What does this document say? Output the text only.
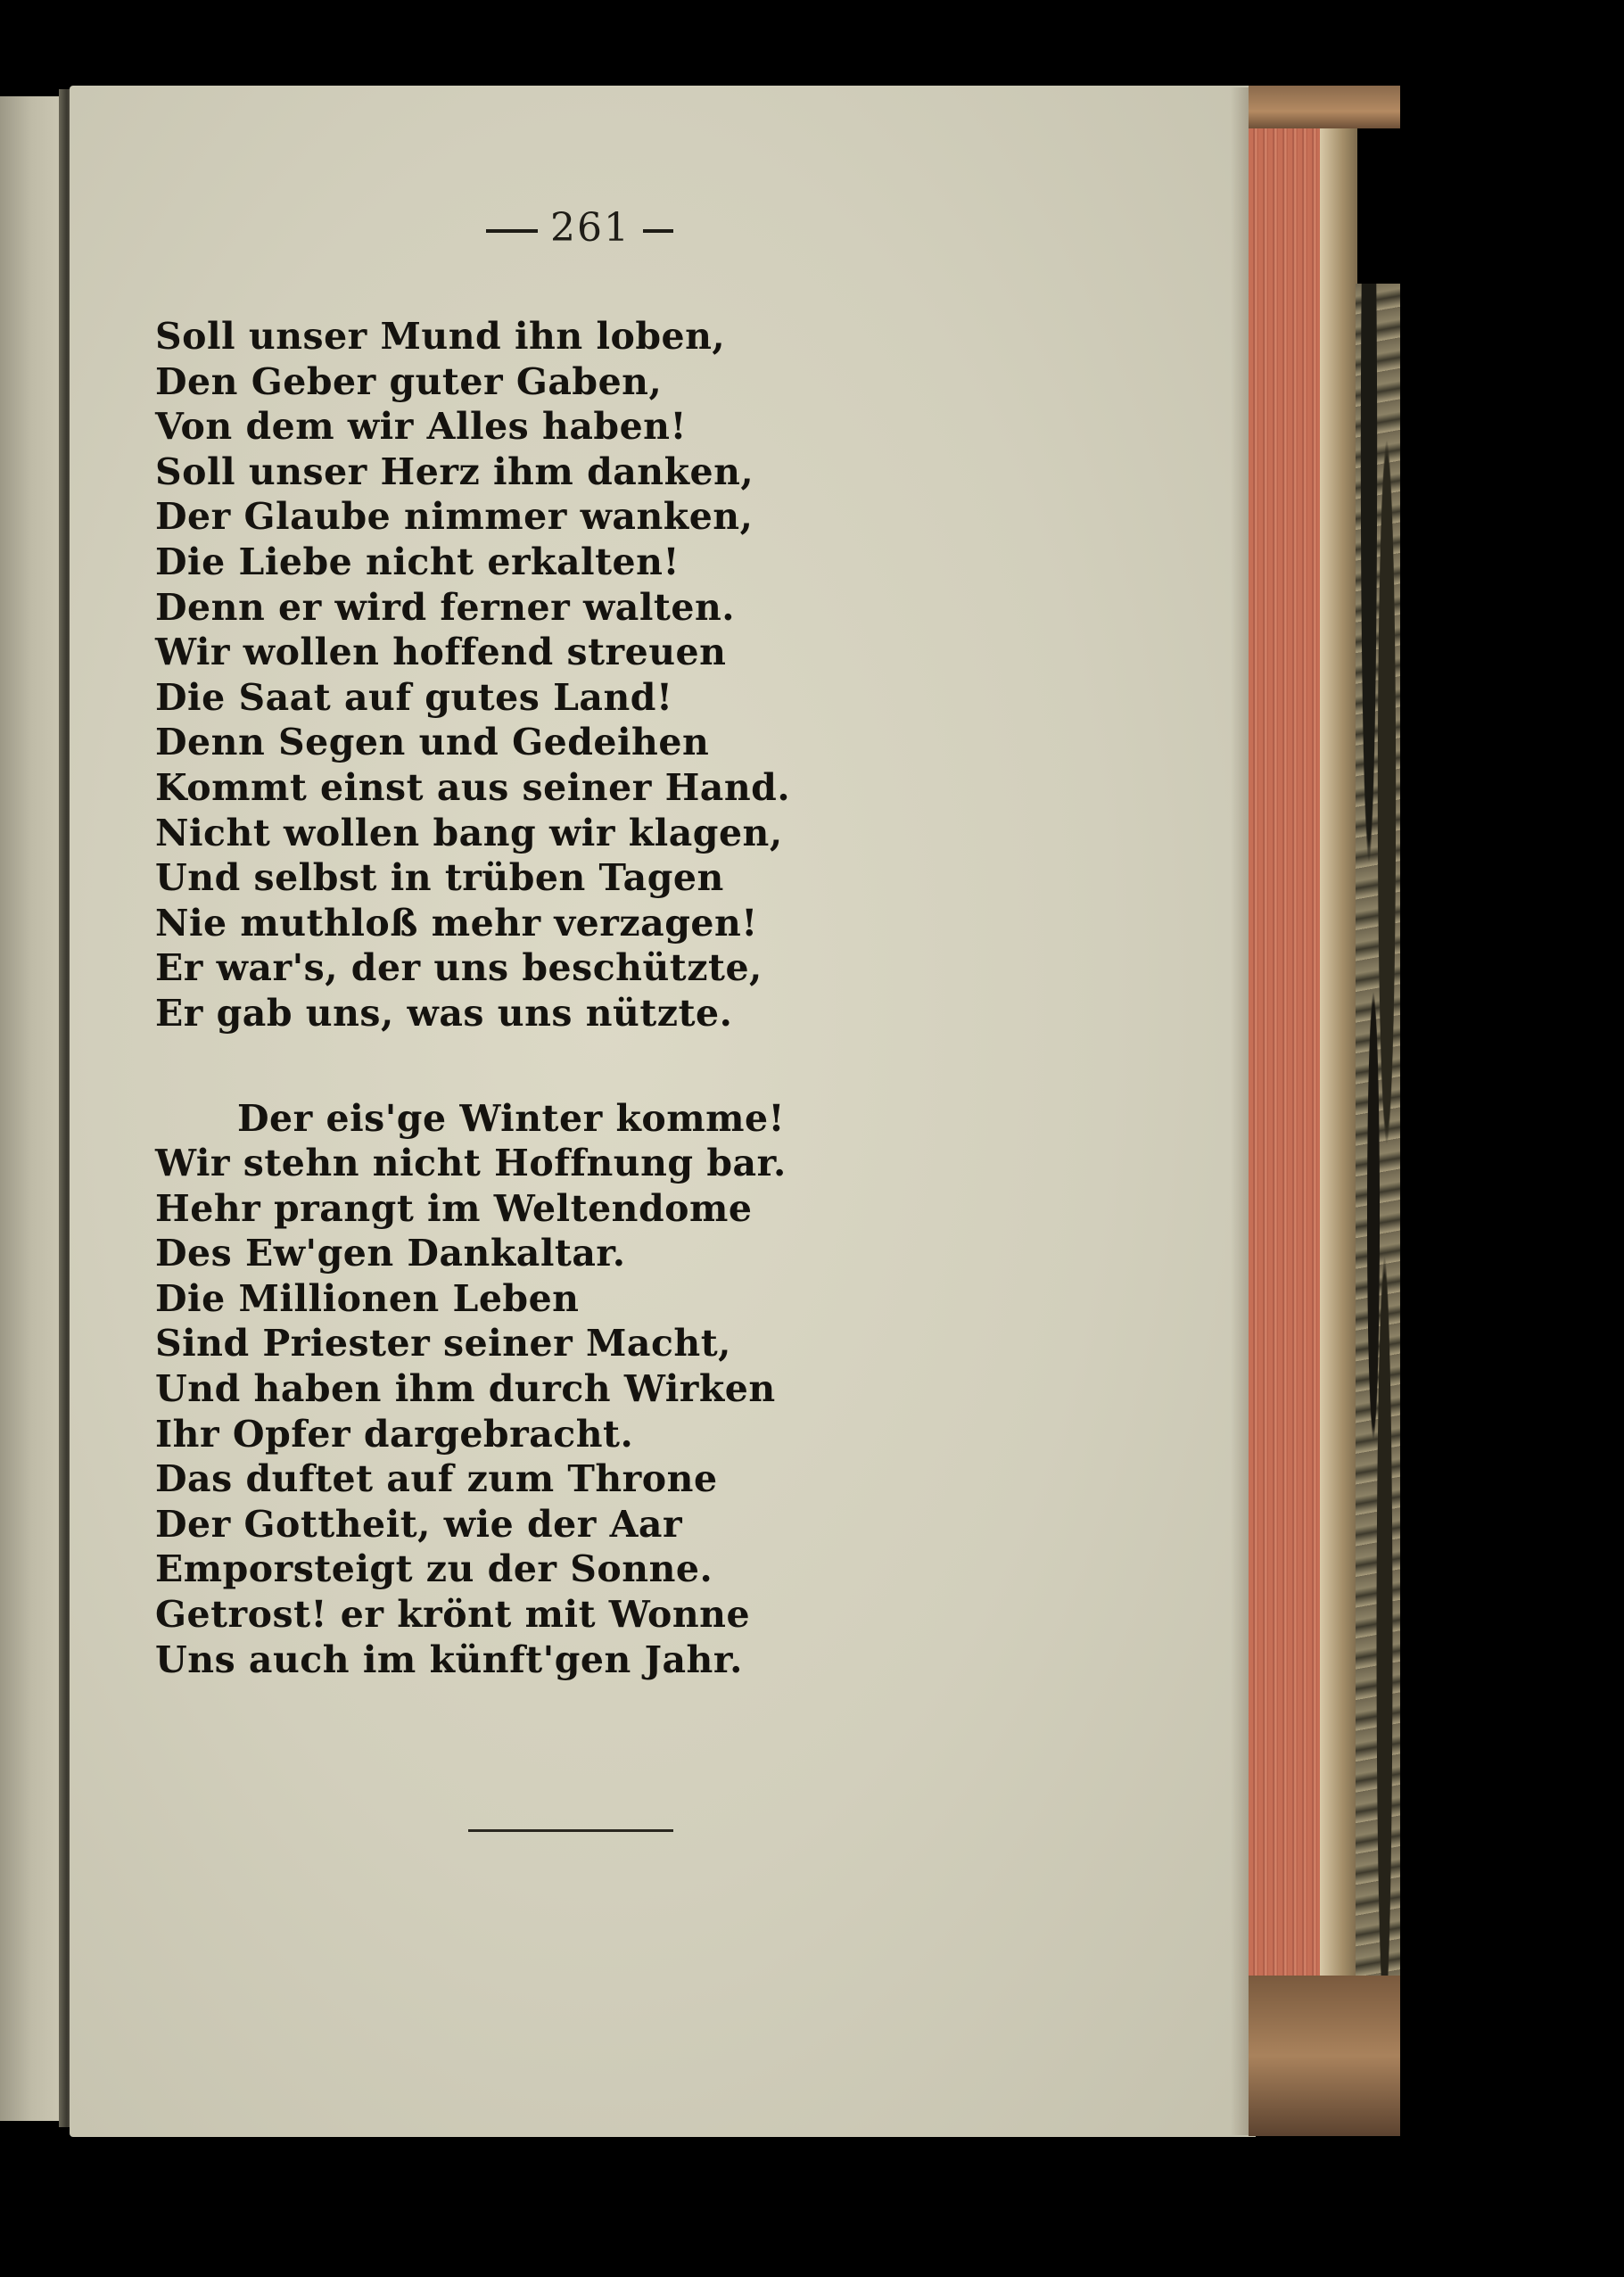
261
Soll unser Mund ihn loben,
Den Geber guter Gaben,
Von dem wir Alles haben!
Soll unser Herz ihm danken,
Der Glaube nimmer wanken,
Die Liebe nicht erkalten!
Denn er wird ferner walten.
Wir wollen hoffend streuen
Die Saat auf gutes Land!
Denn Segen und Gedeihen
Kommt einst aus seiner Hand.
Nicht wollen bang wir klagen,
Und selbst in trüben Tagen
Nie muthloß mehr verzagen!
Er war's, der uns beschützte,
Er gab uns, was uns nützte.
Der eis'ge Winter komme!
Wir stehn nicht Hoffnung bar.
Hehr prangt im Weltendome
Des Ew'gen Dankaltar.
Die Millionen Leben
Sind Priester seiner Macht,
Und haben ihm durch Wirken
Ihr Opfer dargebracht.
Das duftet auf zum Throne
Der Gottheit, wie der Aar
Emporsteigt zu der Sonne.
Getrost! er krönt mit Wonne
Uns auch im künft'gen Jahr.
